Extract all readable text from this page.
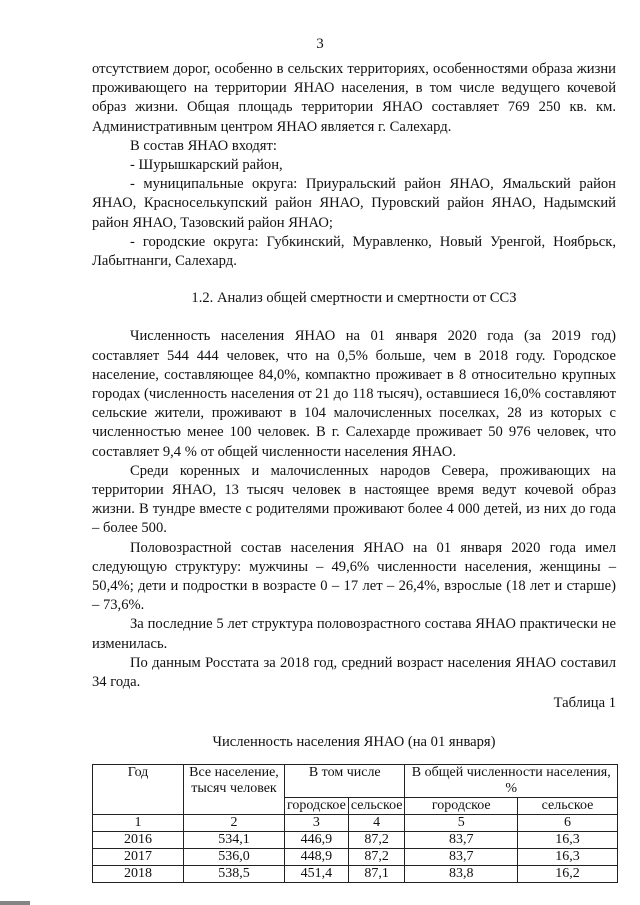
3

отсутствием дорог, особенно в сельских территориях, особенностями образа жизни проживающего на территории ЯНАО населения, в том числе ведущего кочевой образ жизни. Общая площадь территории ЯНАО составляет 769 250 кв. км. Административным центром ЯНАО является г. Салехард.

В состав ЯНАО входят:

- Шурышкарский район,

- муниципальные округа: Приуральский район ЯНАО, Ямальский район ЯНАО, Красноселькупский район ЯНАО, Пуровский район ЯНАО, Надымский район ЯНАО, Тазовский район ЯНАО;

- городские округа: Губкинский, Муравленко, Новый Уренгой, Ноябрьск, Лабытнанги, Салехард.

1.2. Анализ общей смертности и смертности от ССЗ

Численность населения ЯНАО на 01 января 2020 года (за 2019 год) составляет 544 444 человек, что на 0,5% больше, чем в 2018 году. Городское население, составляющее 84,0%, компактно проживает в 8 относительно крупных городах (численность населения от 21 до 118 тысяч), оставшиеся 16,0% составляют сельские жители, проживают в 104 малочисленных поселках, 28 из которых с численностью менее 100 человек. В г. Салехарде проживает 50 976 человек, что составляет 9,4 % от общей численности населения ЯНАО.

Среди коренных и малочисленных народов Севера, проживающих на территории ЯНАО, 13 тысяч человек в настоящее время ведут кочевой образ жизни. В тундре вместе с родителями проживают более 4 000 детей, из них до года – более 500.

Половозрастной состав населения ЯНАО на 01 января 2020 года имел следующую структуру: мужчины – 49,6% численности населения, женщины – 50,4%; дети и подростки в возрасте 0 – 17 лет – 26,4%, взрослые (18 лет и старше) – 73,6%.

За последние 5 лет структура половозрастного состава ЯНАО практически не изменилась.

По данным Росстата за 2018 год, средний возраст населения ЯНАО составил 34 года.

Таблица 1

Численность населения ЯНАО (на 01 января)

Год	Все население, тысяч человек	В том числе		В общей численности населения, %	
		городское	сельское	городское	сельское
1	2	3	4	5	6
2016	534,1	446,9	87,2	83,7	16,3
2017	536,0	448,9	87,2	83,7	16,3
2018	538,5	451,4	87,1	83,8	16,2
